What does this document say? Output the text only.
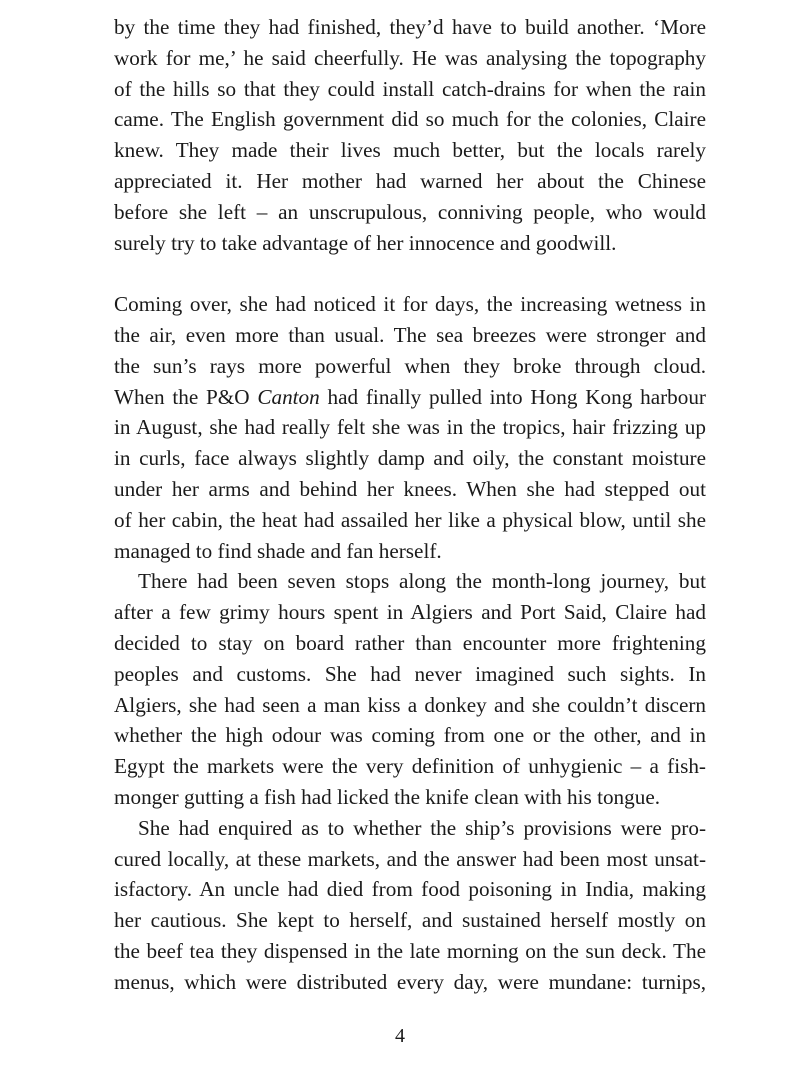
by the time they had finished, they’d have to build another. ‘More
work for me,’ he said cheerfully. He was analysing the topography
of the hills so that they could install catch-drains for when the rain
came. The English government did so much for the colonies, Claire
knew. They made their lives much better, but the locals rarely
appreciated it. Her mother had warned her about the Chinese
before she left – an unscrupulous, conniving people, who would
surely try to take advantage of her innocence and goodwill.
Coming over, she had noticed it for days, the increasing wetness in
the air, even more than usual. The sea breezes were stronger and
the sun’s rays more powerful when they broke through cloud.
When the P&O Canton had finally pulled into Hong Kong harbour
in August, she had really felt she was in the tropics, hair frizzing up
in curls, face always slightly damp and oily, the constant moisture
under her arms and behind her knees. When she had stepped out
of her cabin, the heat had assailed her like a physical blow, until she
managed to find shade and fan herself.
There had been seven stops along the month-long journey, but
after a few grimy hours spent in Algiers and Port Said, Claire had
decided to stay on board rather than encounter more frightening
peoples and customs. She had never imagined such sights. In
Algiers, she had seen a man kiss a donkey and she couldn’t discern
whether the high odour was coming from one or the other, and in
Egypt the markets were the very definition of unhygienic – a fish-
monger gutting a fish had licked the knife clean with his tongue.
She had enquired as to whether the ship’s provisions were pro-
cured locally, at these markets, and the answer had been most unsat-
isfactory. An uncle had died from food poisoning in India, making
her cautious. She kept to herself, and sustained herself mostly on
the beef tea they dispensed in the late morning on the sun deck. The
menus, which were distributed every day, were mundane: turnips,
4
